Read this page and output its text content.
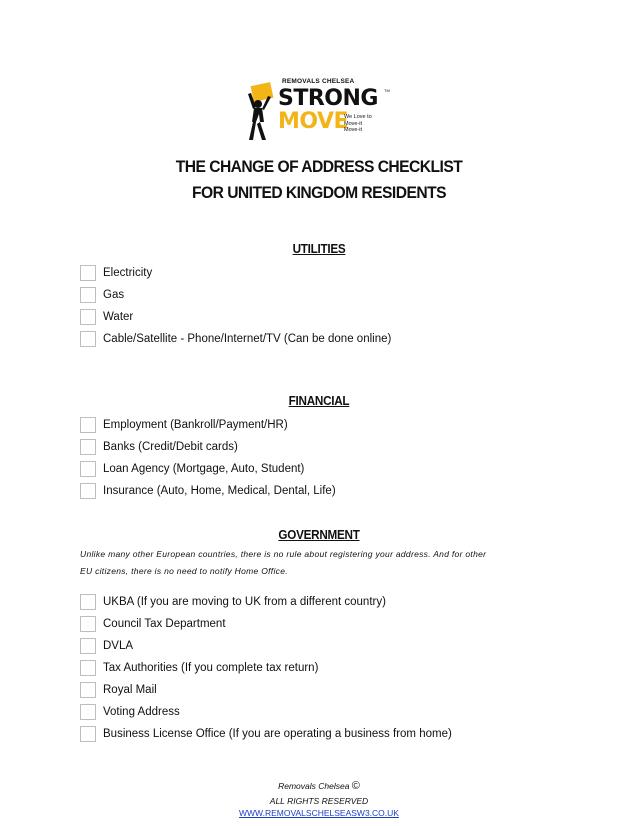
REMOVALS CHELSEA
STRONG TM
MOVE
We Love to
Move-it
Move-it
THE CHANGE OF ADDRESS CHECKLIST
FOR UNITED KINGDOM RESIDENTS
UTILITIES
Electricity
Gas
Water
Cable/Satellite - Phone/Internet/TV (Can be done online)
FINANCIAL
Employment (Bankroll/Payment/HR)
Banks (Credit/Debit cards)
Loan Agency (Mortgage, Auto, Student)
Insurance (Auto, Home, Medical, Dental, Life)
GOVERNMENT
Unlike many other European countries, there is no rule about registering your address. And for other
EU citizens, there is no need to notify Home Office.
UKBA (If you are moving to UK from a different country)
Council Tax Department
DVLA
Tax Authorities (If you complete tax return)
Royal Mail
Voting Address
Business License Office (If you are operating a business from home)
Removals Chelsea ©
ALL RIGHTS RESERVED
WWW.REMOVALSCHELSEASW3.CO.UK
